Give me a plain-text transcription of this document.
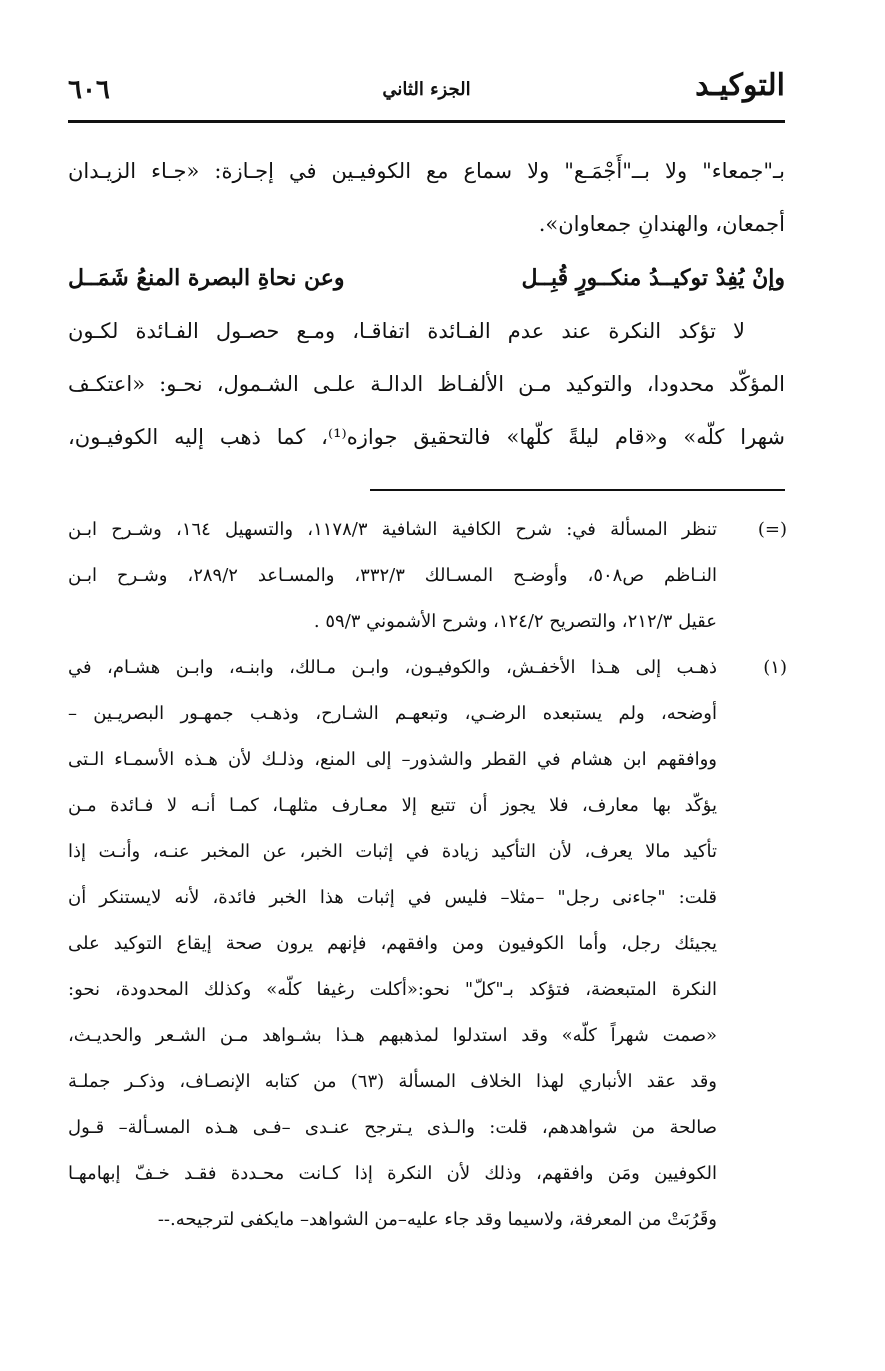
التوكيـد
الجزء الثاني
٦٠٦

بـ"جمعاء" ولا بــ"أَجْمَـع" ولا سماع مع الكوفيـين في إجـازة: «جـاء الزيـدان

أجمعان، والهندانِ جمعاوان».

وإنْ يُفِدْ توكيــدُ منكــورٍ قُبِــل
وعن نحاةِ البصرة المنعُ شَمَــل

لا تؤكد النكرة عند عدم الفـائدة اتفاقـا، ومـع حصـول الفـائدة لكـون

المؤكّد محدودا، والتوكيد مـن الألفـاظ الدالـة علـى الشـمول، نحـو: «اعتكـف

شهرا كلّه» و«قام ليلةً كلّها» فالتحقيق جوازه⁽¹⁾، كما ذهب إليه الكوفيـون،

(=)
تنظر المسألة في: شرح الكافية الشافية ١١٧٨/٣، والتسهيل ١٦٤، وشـرح ابـن
النـاظم ص٥٠٨، وأوضـح المسـالك ٣٣٢/٣، والمسـاعد ٢٨٩/٢، وشـرح ابـن
عقيل ٢١٢/٣، والتصريح ١٢٤/٢، وشرح الأشموني ٥٩/٣ .
(١)
ذهـب إلى هـذا الأخفـش، والكوفيـون، وابـن مـالك، وابنـه، وابـن هشـام، في
أوضحه، ولم يستبعده الرضـي، وتبعهـم الشـارح، وذهـب جمهـور البصريـين –
ووافقهم ابن هشام في القطر والشذور– إلى المنع، وذلـك لأن هـذه الأسمـاء الـتى
يؤكّد بها معارف، فلا يجوز أن تتبع إلا معـارف مثلهـا، كمـا أنـه لا فـائدة مـن
تأكيد مالا يعرف، لأن التأكيد زيادة في إثبات الخبر، عن المخبر عنـه، وأنـت إذا
قلت: "جاءنى رجل" –مثلا– فليس في إثبات هذا الخبر فائدة، لأنه لايستنكر أن
يجيئك رجل، وأما الكوفيون ومن وافقهم، فإنهم يرون صحة إيقاع التوكيد على
النكرة المتبعضة، فتؤكد بـ"كلّ" نحو:«أكلت رغيفا كلّه» وكذلك المحدودة، نحو:
«صمت شهراً كلّه» وقد استدلوا لمذهبهم هـذا بشـواهد مـن الشـعر والحديـث،
وقد عقد الأنباري لهذا الخلاف المسألة (٦٣) من كتابه الإنصـاف، وذكـر جملـة
صالحة من شواهدهم، قلت: والـذى يـترجح عنـدى –فـى هـذه المسـألة– قـول
الكوفيين ومَن وافقهم، وذلك لأن النكرة إذا كـانت محـددة فقـد خـفّ إبهامهـا
وقَرُبَتْ من المعرفة، ولاسيما وقد جاء عليه–من الشواهد– مايكفى لترجيحه.--
